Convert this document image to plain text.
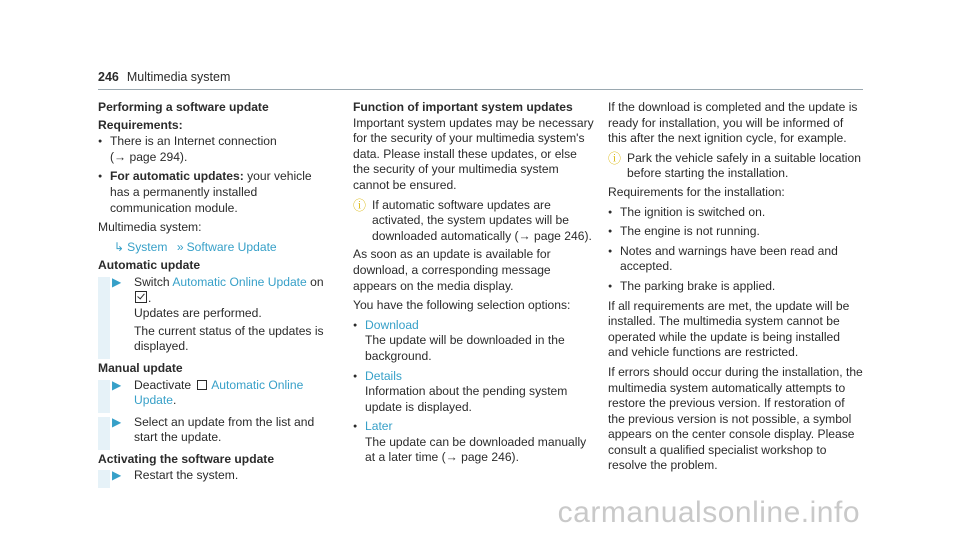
246 Multimedia system
Performing a software update
Requirements:
● There is an Internet connection
(→ page 294).
● For automatic updates: your vehicle has a permanently installed communication module.
Multimedia system:
↳ System » Software Update
Automatic update
▶ Switch Automatic Online Update on .
Updates are performed.
The current status of the updates is displayed.
Manual update
▶ Deactivate Automatic Online Update.
▶ Select an update from the list and start the update.
Activating the software update
▶ Restart the system.
Function of important system updates
Important system updates may be necessary for the security of your multimedia system's data. Please install these updates, or else the security of your multimedia system cannot be ensured.
ⓘ If automatic software updates are activated, the system updates will be downloaded automatically (→ page 246).
As soon as an update is available for download, a corresponding message appears on the media display.
You have the following selection options:
● Download
The update will be downloaded in the background.
● Details
Information about the pending system update is displayed.
● Later
The update can be downloaded manually at a later time (→ page 246).
If the download is completed and the update is ready for installation, you will be informed of this after the next ignition cycle, for example.
ⓘ Park the vehicle safely in a suitable location before starting the installation.
Requirements for the installation:
● The ignition is switched on.
● The engine is not running.
● Notes and warnings have been read and accepted.
● The parking brake is applied.
If all requirements are met, the update will be installed. The multimedia system cannot be operated while the update is being installed and vehicle functions are restricted.
If errors should occur during the installation, the multimedia system automatically attempts to restore the previous version. If restoration of the previous version is not possible, a symbol appears on the center console display. Please consult a qualified specialist workshop to resolve the problem.
carmanualsonline.info
